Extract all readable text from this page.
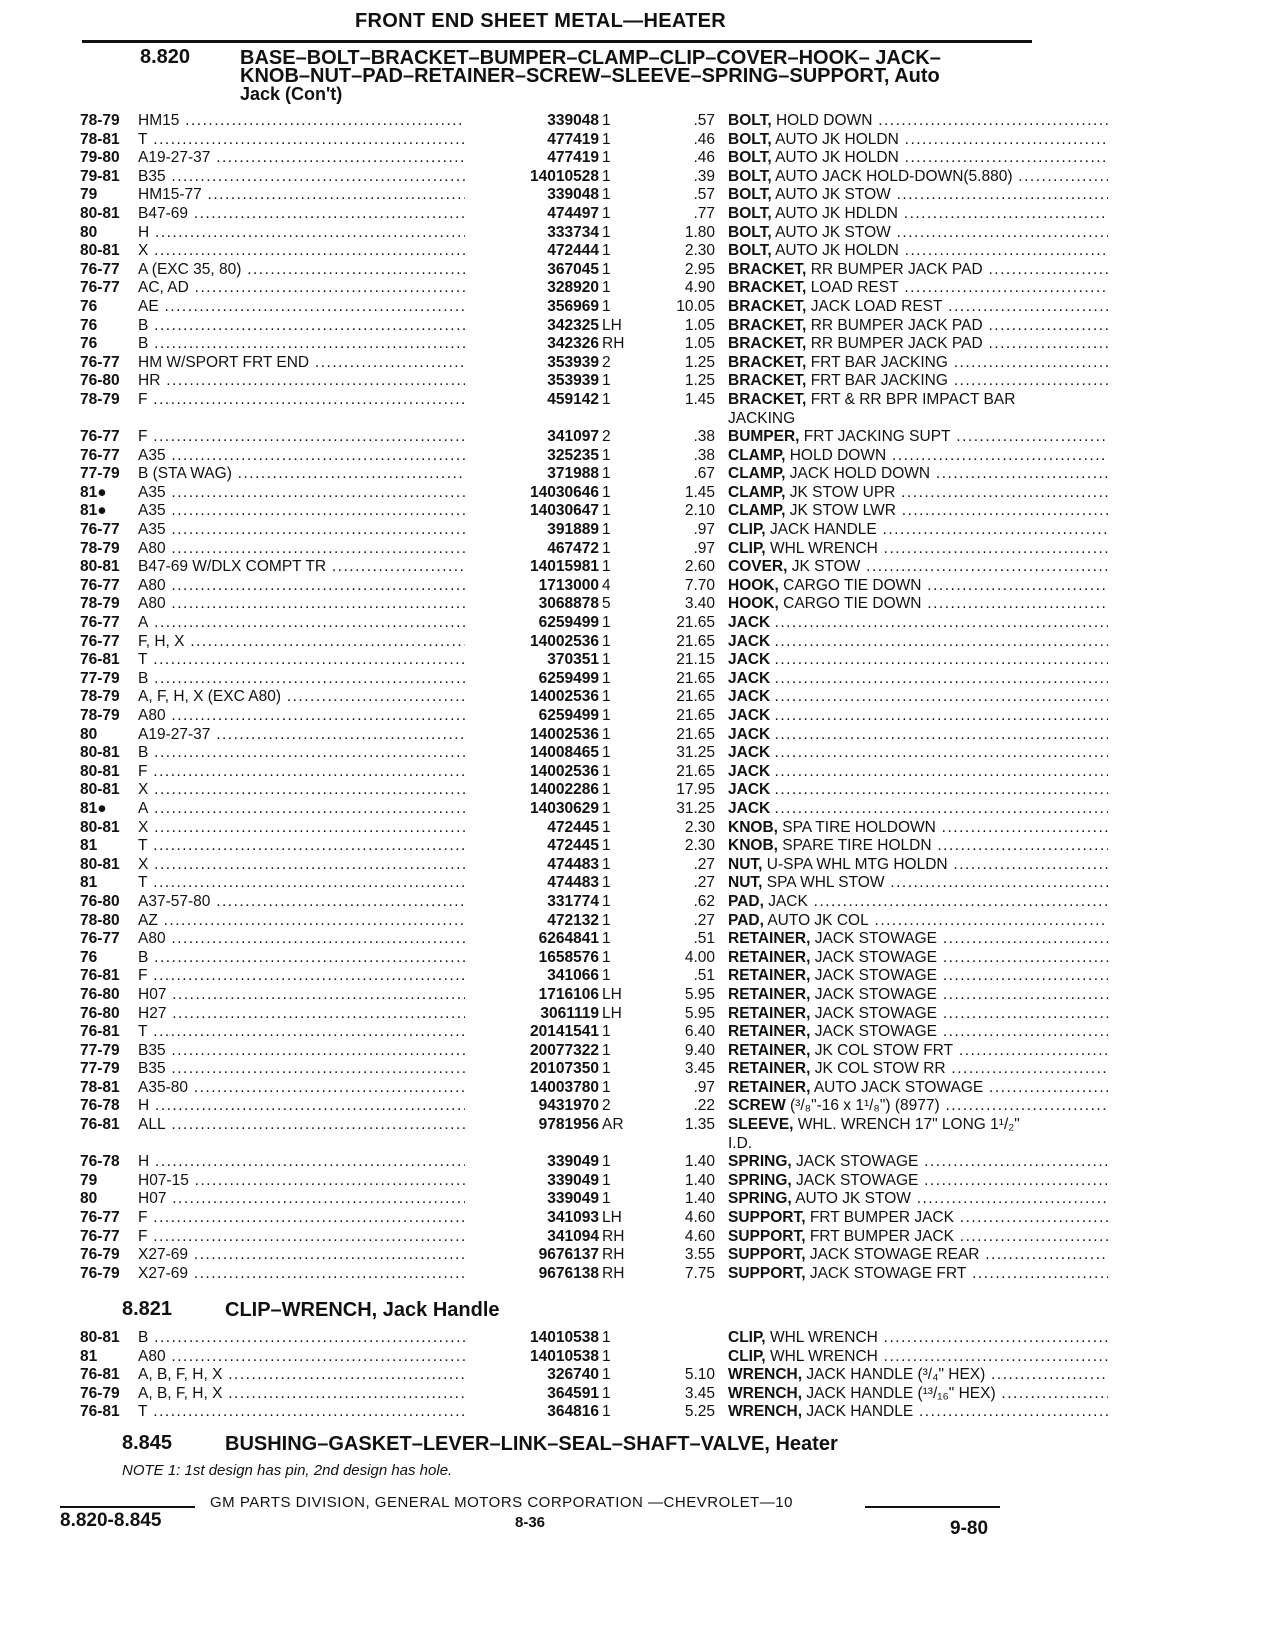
FRONT END SHEET METAL—HEATER
8.820 BASE–BOLT–BRACKET–BUMPER–CLAMP–CLIP–COVER–HOOK– JACK–
KNOB–NUT–PAD–RETAINER–SCREW–SLEEVE–SPRING–SUPPORT, Auto
Jack (Con't)
78-79	HM15 .....	339048 1	.57 BOLT, HOLD DOWN .....
78-81	T .....	477419 1	.46 BOLT, AUTO JK HOLDN .....
79-80	A19-27-37 .....	477419 1	.46 BOLT, AUTO JK HOLDN .....
79-81	B35 .....	14010528 1	.39 BOLT, AUTO JACK HOLD-DOWN(5.880) .....
79	HM15-77 .....	339048 1	.57 BOLT, AUTO JK STOW .....
80-81	B47-69 .....	474497 1	.77 BOLT, AUTO JK HDLDN .....
80	H .....	333734 1	1.80 BOLT, AUTO JK STOW .....
80-81	X .....	472444 1	2.30 BOLT, AUTO JK HOLDN .....
76-77	A (EXC 35, 80) .....	367045 1	2.95 BRACKET, RR BUMPER JACK PAD .....
76-77	AC, AD .....	328920 1	4.90 BRACKET, LOAD REST .....
76	AE .....	356969 1	10.05 BRACKET, JACK LOAD REST .....
76	B .....	342325 LH	1.05 BRACKET, RR BUMPER JACK PAD .....
76	B .....	342326 RH	1.05 BRACKET, RR BUMPER JACK PAD .....
76-77	HM W/SPORT FRT END .....	353939 2	1.25 BRACKET, FRT BAR JACKING .....
76-80	HR .....	353939 1	1.25 BRACKET, FRT BAR JACKING .....
78-79	F .....	459142 1	1.45 BRACKET, FRT & RR BPR IMPACT BAR
JACKING
76-77	F .....	341097 2	.38 BUMPER, FRT JACKING SUPT .....
76-77	A35 .....	325235 1	.38 CLAMP, HOLD DOWN .....
77-79	B (STA WAG) .....	371988 1	.67 CLAMP, JACK HOLD DOWN .....
81●	A35 .....	14030646 1	1.45 CLAMP, JK STOW UPR .....
81●	A35 .....	14030647 1	2.10 CLAMP, JK STOW LWR .....
76-77	A35 .....	391889 1	.97 CLIP, JACK HANDLE .....
78-79	A80 .....	467472 1	.97 CLIP, WHL WRENCH .....
80-81	B47-69 W/DLX COMPT TR .....	14015981 1	2.60 COVER, JK STOW .....
76-77	A80 .....	1713000 4	7.70 HOOK, CARGO TIE DOWN .....
78-79	A80 .....	3068878 5	3.40 HOOK, CARGO TIE DOWN .....
76-77	A .....	6259499 1	21.65 JACK .....
76-77	F, H, X .....	14002536 1	21.65 JACK .....
76-81	T .....	370351 1	21.15 JACK .....
77-79	B .....	6259499 1	21.65 JACK .....
78-79	A, F, H, X (EXC A80) .....	14002536 1	21.65 JACK .....
78-79	A80 .....	6259499 1	21.65 JACK .....
80	A19-27-37 .....	14002536 1	21.65 JACK .....
80-81	B .....	14008465 1	31.25 JACK .....
80-81	F .....	14002536 1	21.65 JACK .....
80-81	X .....	14002286 1	17.95 JACK .....
81●	A .....	14030629 1	31.25 JACK .....
80-81	X .....	472445 1	2.30 KNOB, SPA TIRE HOLDOWN .....
81	T .....	472445 1	2.30 KNOB, SPARE TIRE HOLDN .....
80-81	X .....	474483 1	.27 NUT, U-SPA WHL MTG HOLDN .....
81	T .....	474483 1	.27 NUT, SPA WHL STOW .....
76-80	A37-57-80 .....	331774 1	.62 PAD, JACK .....
78-80	AZ .....	472132 1	.27 PAD, AUTO JK COL .....
76-77	A80 .....	6264841 1	.51 RETAINER, JACK STOWAGE .....
76	B .....	1658576 1	4.00 RETAINER, JACK STOWAGE .....
76-81	F .....	341066 1	.51 RETAINER, JACK STOWAGE .....
76-80	H07 .....	1716106 LH	5.95 RETAINER, JACK STOWAGE .....
76-80	H27 .....	3061119 LH	5.95 RETAINER, JACK STOWAGE .....
76-81	T .....	20141541 1	6.40 RETAINER, JACK STOWAGE .....
77-79	B35 .....	20077322 1	9.40 RETAINER, JK COL STOW FRT .....
77-79	B35 .....	20107350 1	3.45 RETAINER, JK COL STOW RR .....
78-81	A35-80 .....	14003780 1	.97 RETAINER, AUTO JACK STOWAGE .....
76-78	H .....	9431970 2	.22 SCREW (³/₈"-16 x 1¹/₈") (8977) .....
76-81	ALL .....	9781956 AR	1.35 SLEEVE, WHL. WRENCH 17" LONG 1¹/₂"
I.D.
76-78	H .....	339049 1	1.40 SPRING, JACK STOWAGE .....
79	H07-15 .....	339049 1	1.40 SPRING, JACK STOWAGE .....
80	H07 .....	339049 1	1.40 SPRING, AUTO JK STOW .....
76-77	F .....	341093 LH	4.60 SUPPORT, FRT BUMPER JACK .....
76-77	F .....	341094 RH	4.60 SUPPORT, FRT BUMPER JACK .....
76-79	X27-69 .....	9676137 RH	3.55 SUPPORT, JACK STOWAGE REAR .....
76-79	X27-69 .....	9676138 RH	7.75 SUPPORT, JACK STOWAGE FRT .....
8.821	CLIP–WRENCH, Jack Handle
80-81	B .....	14010538 1	CLIP, WHL WRENCH .....
81	A80 .....	14010538 1	CLIP, WHL WRENCH .....
76-81	A, B, F, H, X .....	326740 1	5.10 WRENCH, JACK HANDLE (³/₄" HEX) .....
76-79	A, B, F, H, X .....	364591 1	3.45 WRENCH, JACK HANDLE (¹³/₁₆" HEX) .....
76-81	T .....	364816 1	5.25 WRENCH, JACK HANDLE .....
8.845	BUSHING–GASKET–LEVER–LINK–SEAL–SHAFT–VALVE, Heater
NOTE 1: 1st design has pin, 2nd design has hole.
GM PARTS DIVISION, GENERAL MOTORS CORPORATION —CHEVROLET—10
8.820-8.845	8-36	9-80
